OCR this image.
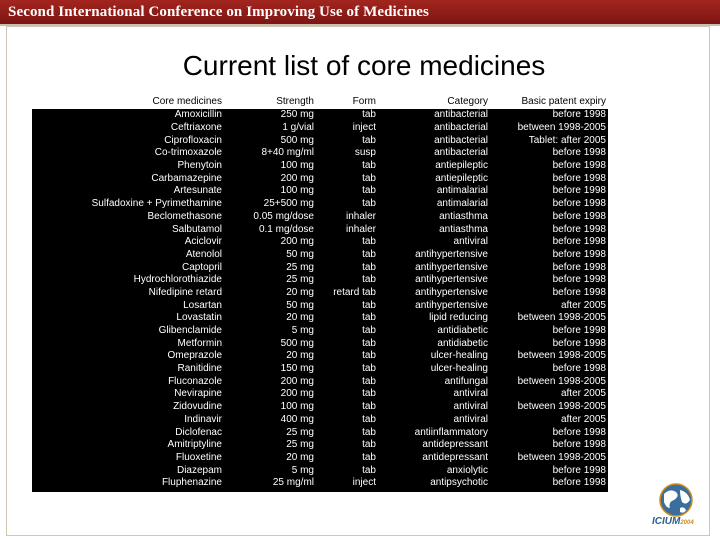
Second International Conference on Improving Use of Medicines
Current list of core medicines
Core medicines	Strength	Form	Category	Basic patent expiry
Amoxicillin	250 mg	tab	antibacterial	before 1998
Ceftriaxone	1 g/vial	inject	antibacterial	between 1998-2005
Ciprofloxacin	500 mg	tab	antibacterial	Tablet: after 2005
Co-trimoxazole	8+40 mg/ml	susp	antibacterial	before 1998
Phenytoin	100 mg	tab	antiepileptic	before 1998
Carbamazepine	200 mg	tab	antiepileptic	before 1998
Artesunate	100 mg	tab	antimalarial	before 1998
Sulfadoxine + Pyrimethamine	25+500 mg	tab	antimalarial	before 1998
Beclomethasone	0.05 mg/dose	inhaler	antiasthma	before 1998
Salbutamol	0.1 mg/dose	inhaler	antiasthma	before 1998
Aciclovir	200 mg	tab	antiviral	before 1998
Atenolol	50 mg	tab	antihypertensive	before 1998
Captopril	25 mg	tab	antihypertensive	before 1998
Hydrochlorothiazide	25 mg	tab	antihypertensive	before 1998
Nifedipine retard	20 mg	retard tab	antihypertensive	before 1998
Losartan	50 mg	tab	antihypertensive	after 2005
Lovastatin	20 mg	tab	lipid reducing	between 1998-2005
Glibenclamide	5 mg	tab	antidiabetic	before 1998
Metformin	500 mg	tab	antidiabetic	before 1998
Omeprazole	20 mg	tab	ulcer-healing	between 1998-2005
Ranitidine	150 mg	tab	ulcer-healing	before 1998
Fluconazole	200 mg	tab	antifungal	between 1998-2005
Nevirapine	200 mg	tab	antiviral	after 2005
Zidovudine	100 mg	tab	antiviral	between 1998-2005
Indinavir	400 mg	tab	antiviral	after 2005
Diclofenac	25 mg	tab	antiinflammatory	before 1998
Amitriptyline	25 mg	tab	antidepressant	before 1998
Fluoxetine	20 mg	tab	antidepressant	between 1998-2005
Diazepam	5 mg	tab	anxiolytic	before 1998
Fluphenazine	25 mg/ml	inject	antipsychotic	before 1998
ICIUM2004
